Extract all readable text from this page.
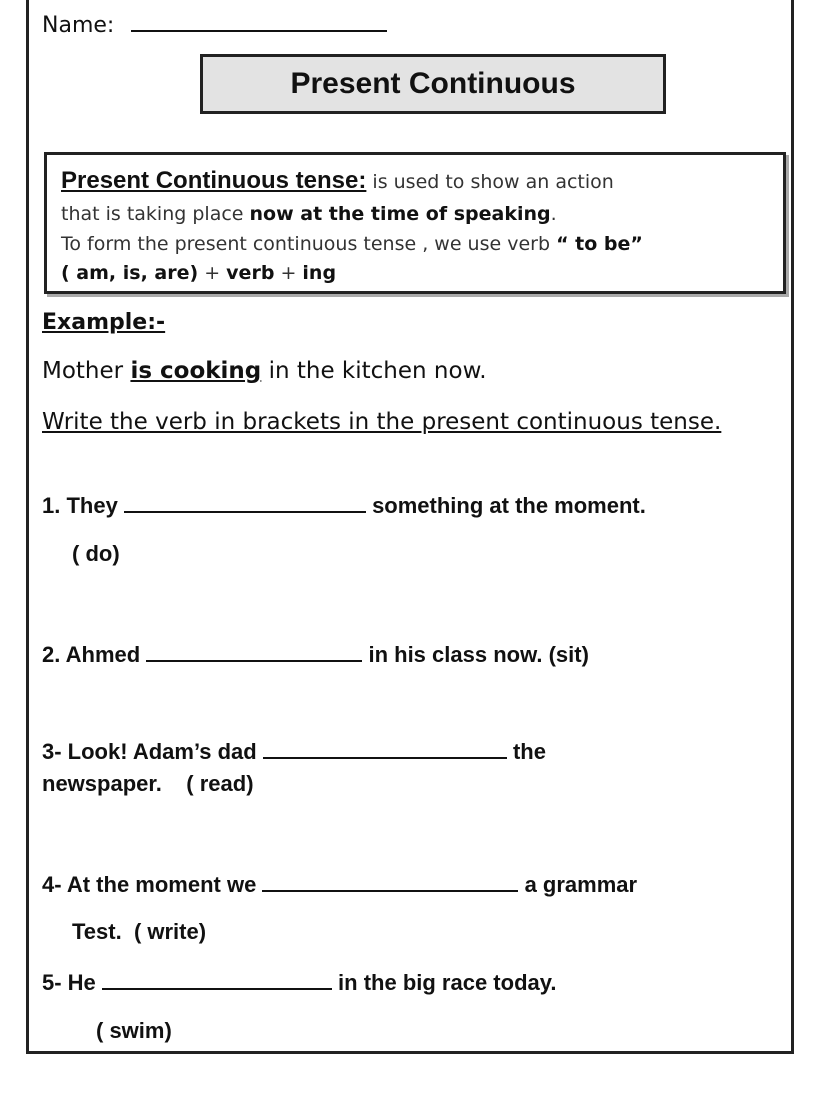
Name:
Present Continuous
Present Continuous tense: is used to show an action
that is taking place now at the time of speaking.
To form the present continuous tense , we use verb “ to be”
( am, is, are) + verb + ing
Example:-
Mother is cooking in the kitchen now.
Write the verb in brackets in the present continuous tense.
1. They	something at the moment.
( do)
2. Ahmed	in his class now. (sit)
3- Look! Adam’s dad	the
newspaper.    ( read)
4- At the moment we	a grammar
Test.  ( write)
5- He	in the big race today.
( swim)
